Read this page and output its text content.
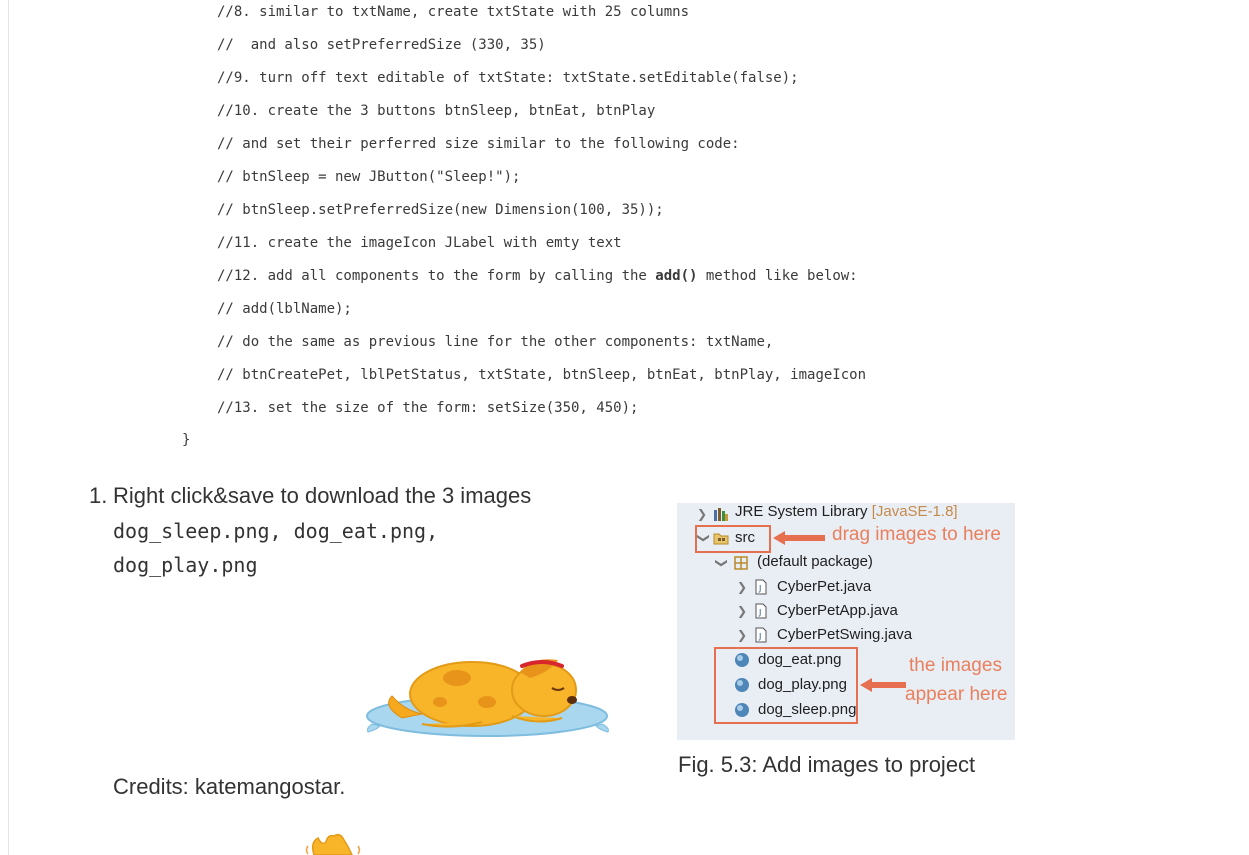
//8. similar to txtName, create txtState with 25 columns

//  and also setPreferredSize (330, 35)

//9. turn off text editable of txtState: txtState.setEditable(false);

//10. create the 3 buttons btnSleep, btnEat, btnPlay

// and set their perferred size similar to the following code:

// btnSleep = new JButton("Sleep!");

// btnSleep.setPreferredSize(new Dimension(100, 35));

//11. create the imageIcon JLabel with emty text

//12. add all components to the form by calling the add() method like below:

// add(lblName);

// do the same as previous line for the other components: txtName,

// btnCreatePet, lblPetStatus, txtState, btnSleep, btnEat, btnPlay, imageIcon

//13. set the size of the form: setSize(350, 450);

}
1. Right click&save to download the 3 images
dog_sleep.png, dog_eat.png,
dog_play.png
Credits: katemangostar.
❯ JRE System Library [JavaSE-1.8]
❯ src	drag images to here
❯ (default package)
❯ J CyberPet.java
❯ J CyberPetApp.java
❯ J CyberPetSwing.java
dog_eat.png
dog_play.png
dog_sleep.png
the images
appear here
Fig. 5.3: Add images to project
